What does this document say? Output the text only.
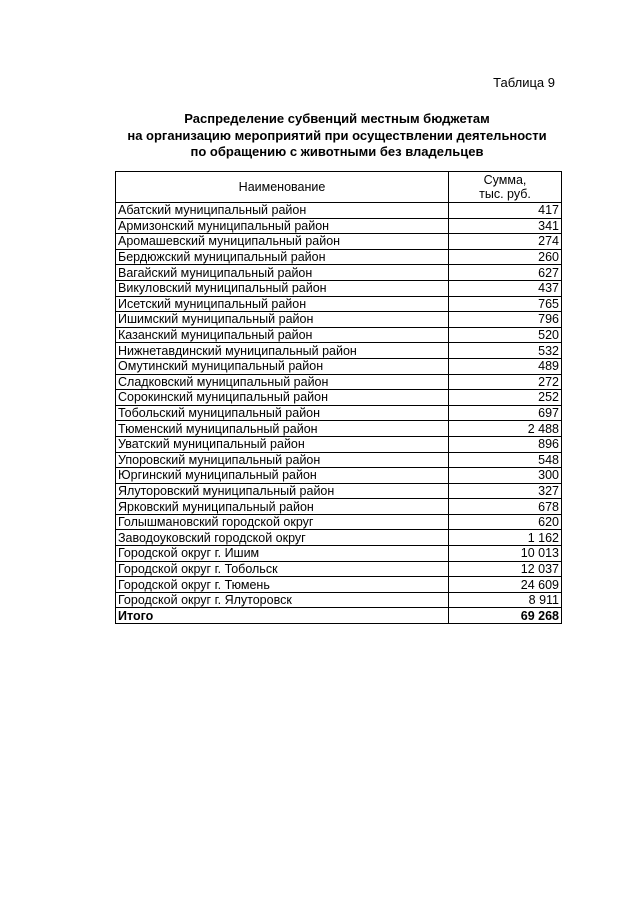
Таблица 9
Распределение субвенций местным бюджетам
на организацию мероприятий при осуществлении деятельности
по обращению с животными без владельцев
Наименование	Сумма,
тыс. руб.
Абатский муниципальный район	417
Армизонский муниципальный район	341
Аромашевский муниципальный район	274
Бердюжский муниципальный район	260
Вагайский муниципальный район	627
Викуловский муниципальный район	437
Исетский муниципальный район	765
Ишимский муниципальный район	796
Казанский муниципальный район	520
Нижнетавдинский муниципальный район	532
Омутинский муниципальный район	489
Сладковский муниципальный район	272
Сорокинский муниципальный район	252
Тобольский муниципальный район	697
Тюменский муниципальный район	2 488
Уватский муниципальный район	896
Упоровский муниципальный район	548
Юргинский муниципальный район	300
Ялуторовский муниципальный район	327
Ярковский муниципальный район	678
Голышмановский городской округ	620
Заводоуковский городской округ	1 162
Городской округ г. Ишим	10 013
Городской округ г. Тобольск	12 037
Городской округ г. Тюмень	24 609
Городской округ г. Ялуторовск	8 911
Итого	69 268
